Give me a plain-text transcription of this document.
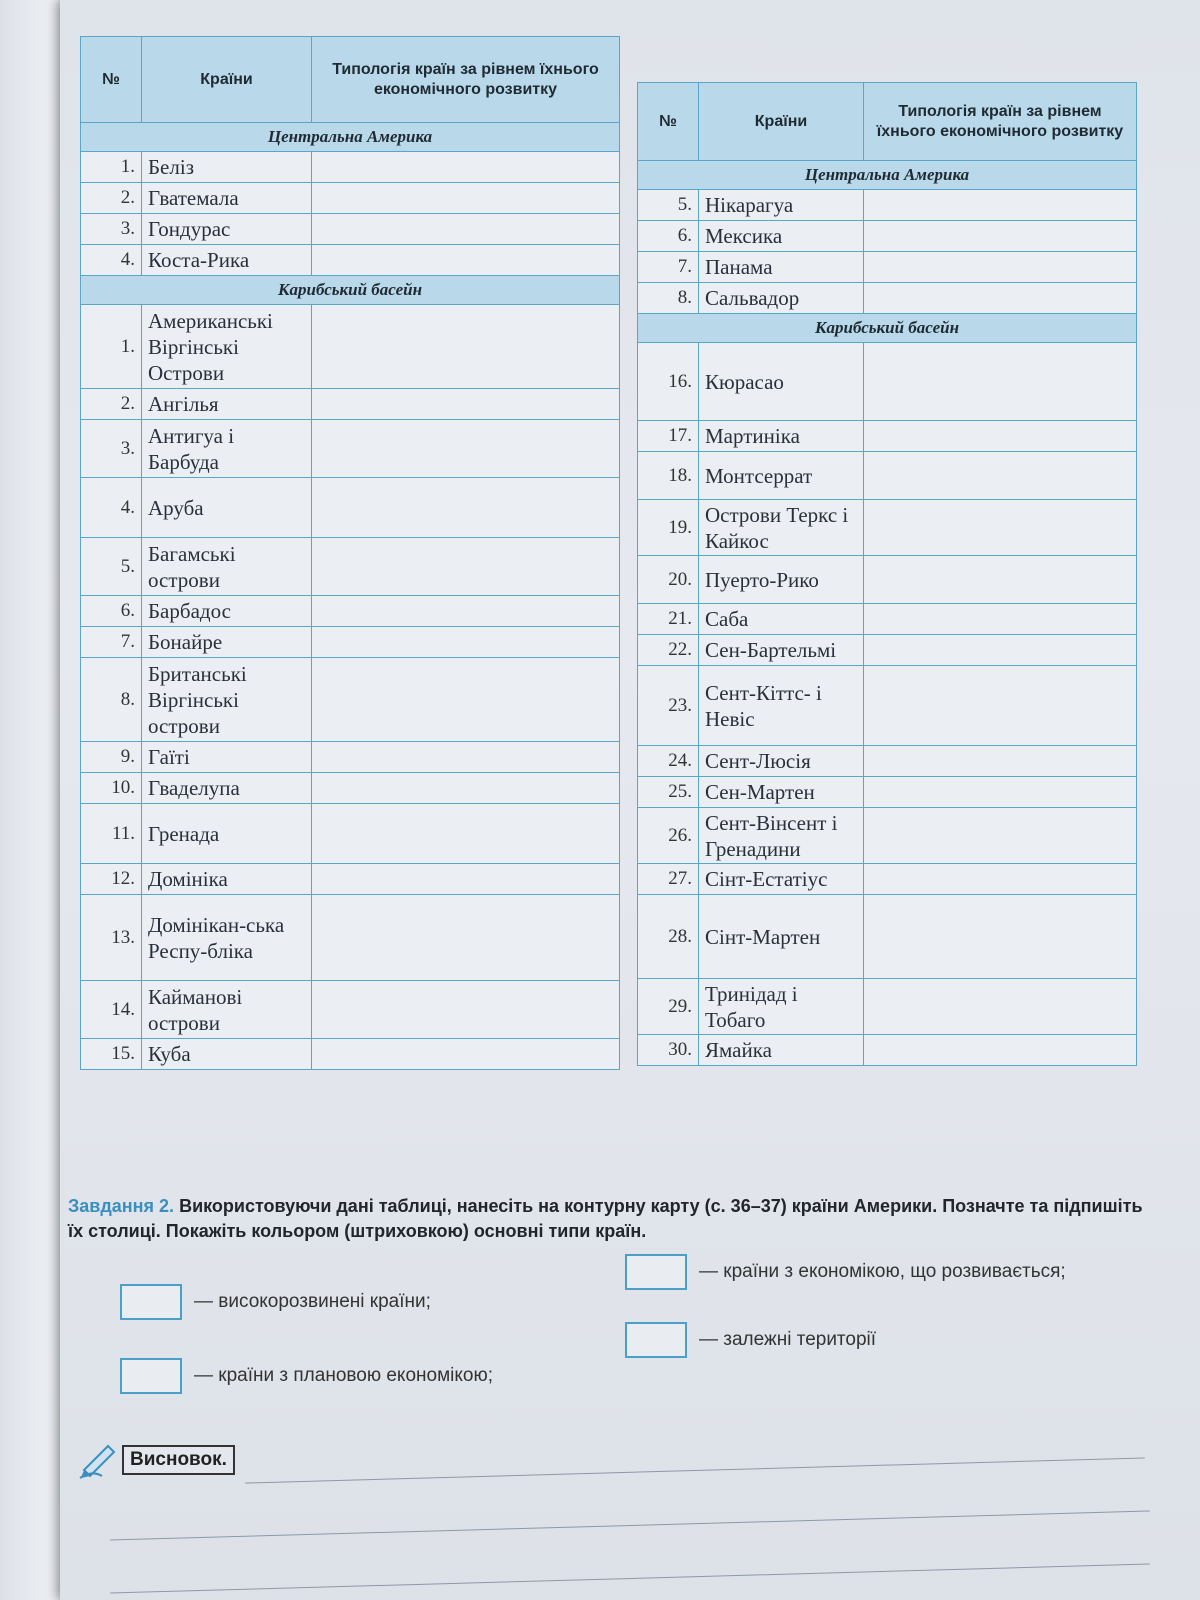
№	Країни	Типологія країн за рівнем їхнього економічного розвитку
Центральна Америка		
1.	Беліз	
2.	Гватемала	
3.	Гондурас	
4.	Коста-Рика	
Карибський басейн		
1.	Американські Віргінські Острови	
2.	Ангілья	
3.	Антигуа і Барбуда	
4.	Аруба	
5.	Багамські острови	
6.	Барбадос	
7.	Бонайре	
8.	Британські Віргінські острови	
9.	Гаїті	
10.	Гваделупа	
11.	Гренада	
12.	Домініка	
13.	Домінікан-ська Респу-бліка	
14.	Кайманові острови	
15.	Куба	
№	Країни	Типологія країн за рівнем їхнього економічного розвитку
Центральна Америка		
5.	Нікарагуа	
6.	Мексика	
7.	Панама	
8.	Сальвадор	
Карибський басейн		
16.	Кюрасао	
17.	Мартиніка	
18.	Монтсеррат	
19.	Острови Теркс і Кайкос	
20.	Пуерто-Рико	
21.	Саба	
22.	Сен-Бартельмі	
23.	Сент-Кіттс- і Невіс	
24.	Сент-Люсія	
25.	Сен-Мартен	
26.	Сент-Вінсент і Гренадини	
27.	Сінт-Естатіус	
28.	Сінт-Мартен	
29.	Тринідад і Тобаго	
30.	Ямайка	
Завдання 2. Використовуючи дані таблиці, нанесіть на контурну карту (с. 36–37) країни Америки. Позначте та підпишіть їх столиці. Покажіть кольором (штриховкою) основні типи країн.
— високорозвинені країни;
— країни з економікою, що розвивається;
— країни з плановою економікою;
— залежні території
Висновок.
